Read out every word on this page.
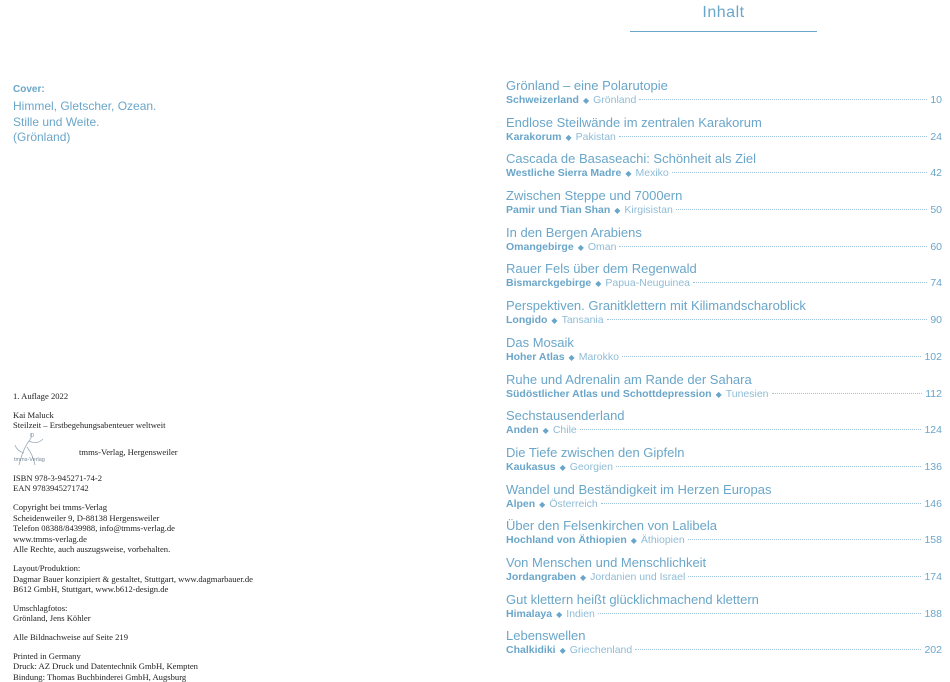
Cover:
Himmel, Gletscher, Ozean.
Stille und Weite.
(Grönland)
1. Auflage 2022
Kai Maluck
Steilzeit – Erstbegehungsabenteuer weltweit
tmms-Verlag
tmms-Verlag, Hergensweiler
ISBN 978-3-945271-74-2
EAN 9783945271742
Copyright bei tmms-Verlag
Scheidenweiler 9, D-88138 Hergensweiler
Telefon 08388/8439988, info@tmms-verlag.de
www.tmms-verlag.de
Alle Rechte, auch auszugsweise, vorbehalten.
Layout/Produktion:
Dagmar Bauer konzipiert & gestaltet, Stuttgart, www.dagmarbauer.de
B612 GmbH, Stuttgart, www.b612-design.de
Umschlagfotos:
Grönland, Jens Köhler
Alle Bildnachweise auf Seite 219
Printed in Germany
Druck: AZ Druck und Datentechnik GmbH, Kempten
Bindung: Thomas Buchbinderei GmbH, Augsburg
Inhalt
Grönland – eine Polarutopie
Schweizerland ◆ Grönland	10
Endlose Steilwände im zentralen Karakorum
Karakorum ◆ Pakistan	24
Cascada de Basaseachi: Schönheit als Ziel
Westliche Sierra Madre ◆ Mexiko	42
Zwischen Steppe und 7000ern
Pamir und Tian Shan ◆ Kirgisistan	50
In den Bergen Arabiens
Omangebirge ◆ Oman	60
Rauer Fels über dem Regenwald
Bismarckgebirge ◆ Papua-Neuguinea	74
Perspektiven. Granitklettern mit Kilimandscharoblick
Longido ◆ Tansania	90
Das Mosaik
Hoher Atlas ◆ Marokko	102
Ruhe und Adrenalin am Rande der Sahara
Südöstlicher Atlas und Schottdepression ◆ Tunesien	112
Sechstausenderland
Anden ◆ Chile	124
Die Tiefe zwischen den Gipfeln
Kaukasus ◆ Georgien	136
Wandel und Beständigkeit im Herzen Europas
Alpen ◆ Österreich	146
Über den Felsenkirchen von Lalibela
Hochland von Äthiopien ◆ Äthiopien	158
Von Menschen und Menschlichkeit
Jordangraben ◆ Jordanien und Israel	174
Gut klettern heißt glücklichmachend klettern
Himalaya ◆ Indien	188
Lebenswellen
Chalkidiki ◆ Griechenland	202
